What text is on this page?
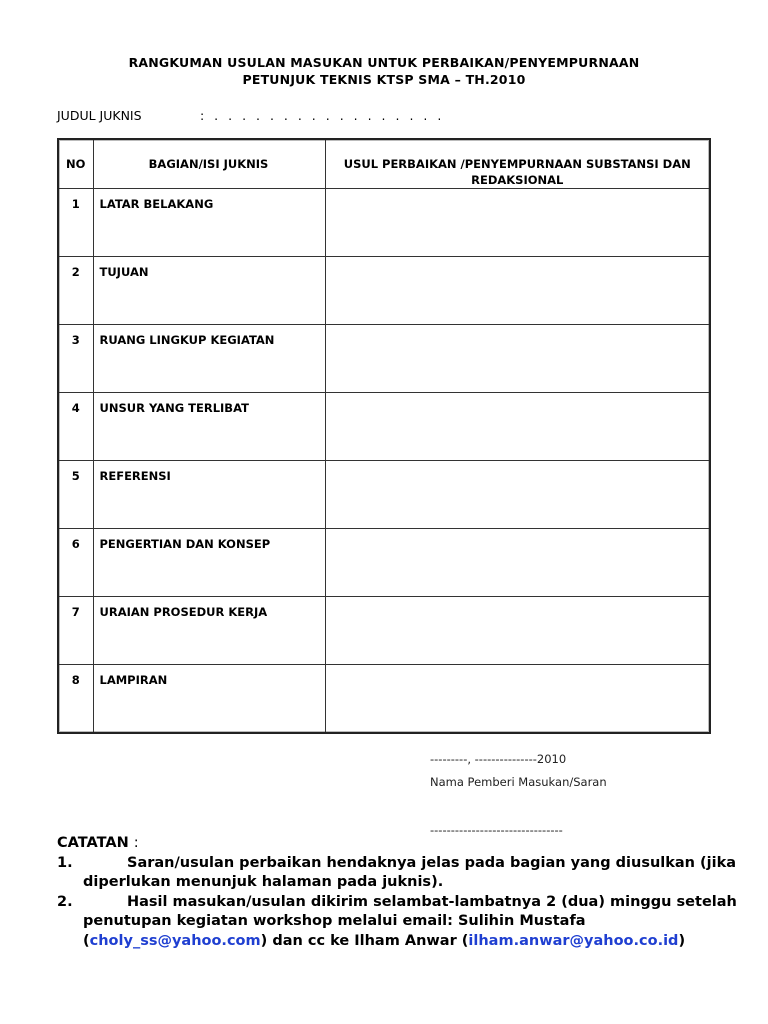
RANGKUMAN USULAN MASUKAN UNTUK PERBAIKAN/PENYEMPURNAAN
PETUNJUK TEKNIS KTSP SMA – TH.2010
JUDUL JUKNIS	: . . . . . . . . . . . . . . . . .
NO	BAGIAN/ISI JUKNIS	USUL PERBAIKAN /PENYEMPURNAAN SUBSTANSI DAN REDAKSIONAL
1	LATAR BELAKANG	
2	TUJUAN	
3	RUANG LINGKUP KEGIATAN	
4	UNSUR YANG TERLIBAT	
5	REFERENSI	
6	PENGERTIAN DAN KONSEP	
7	URAIAN PROSEDUR KERJA	
8	LAMPIRAN	
---------, ---------------2010
Nama Pemberi Masukan/Saran
--------------------------------
CATATAN :
1.	Saran/usulan perbaikan hendaknya jelas pada bagian yang diusulkan (jika
diperlukan menunjuk halaman pada juknis).
2.	Hasil masukan/usulan dikirim selambat-lambatnya 2 (dua) minggu setelah
penutupan kegiatan workshop melalui email: Sulihin Mustafa
(choly_ss@yahoo.com) dan cc ke Ilham Anwar (ilham.anwar@yahoo.co.id)
